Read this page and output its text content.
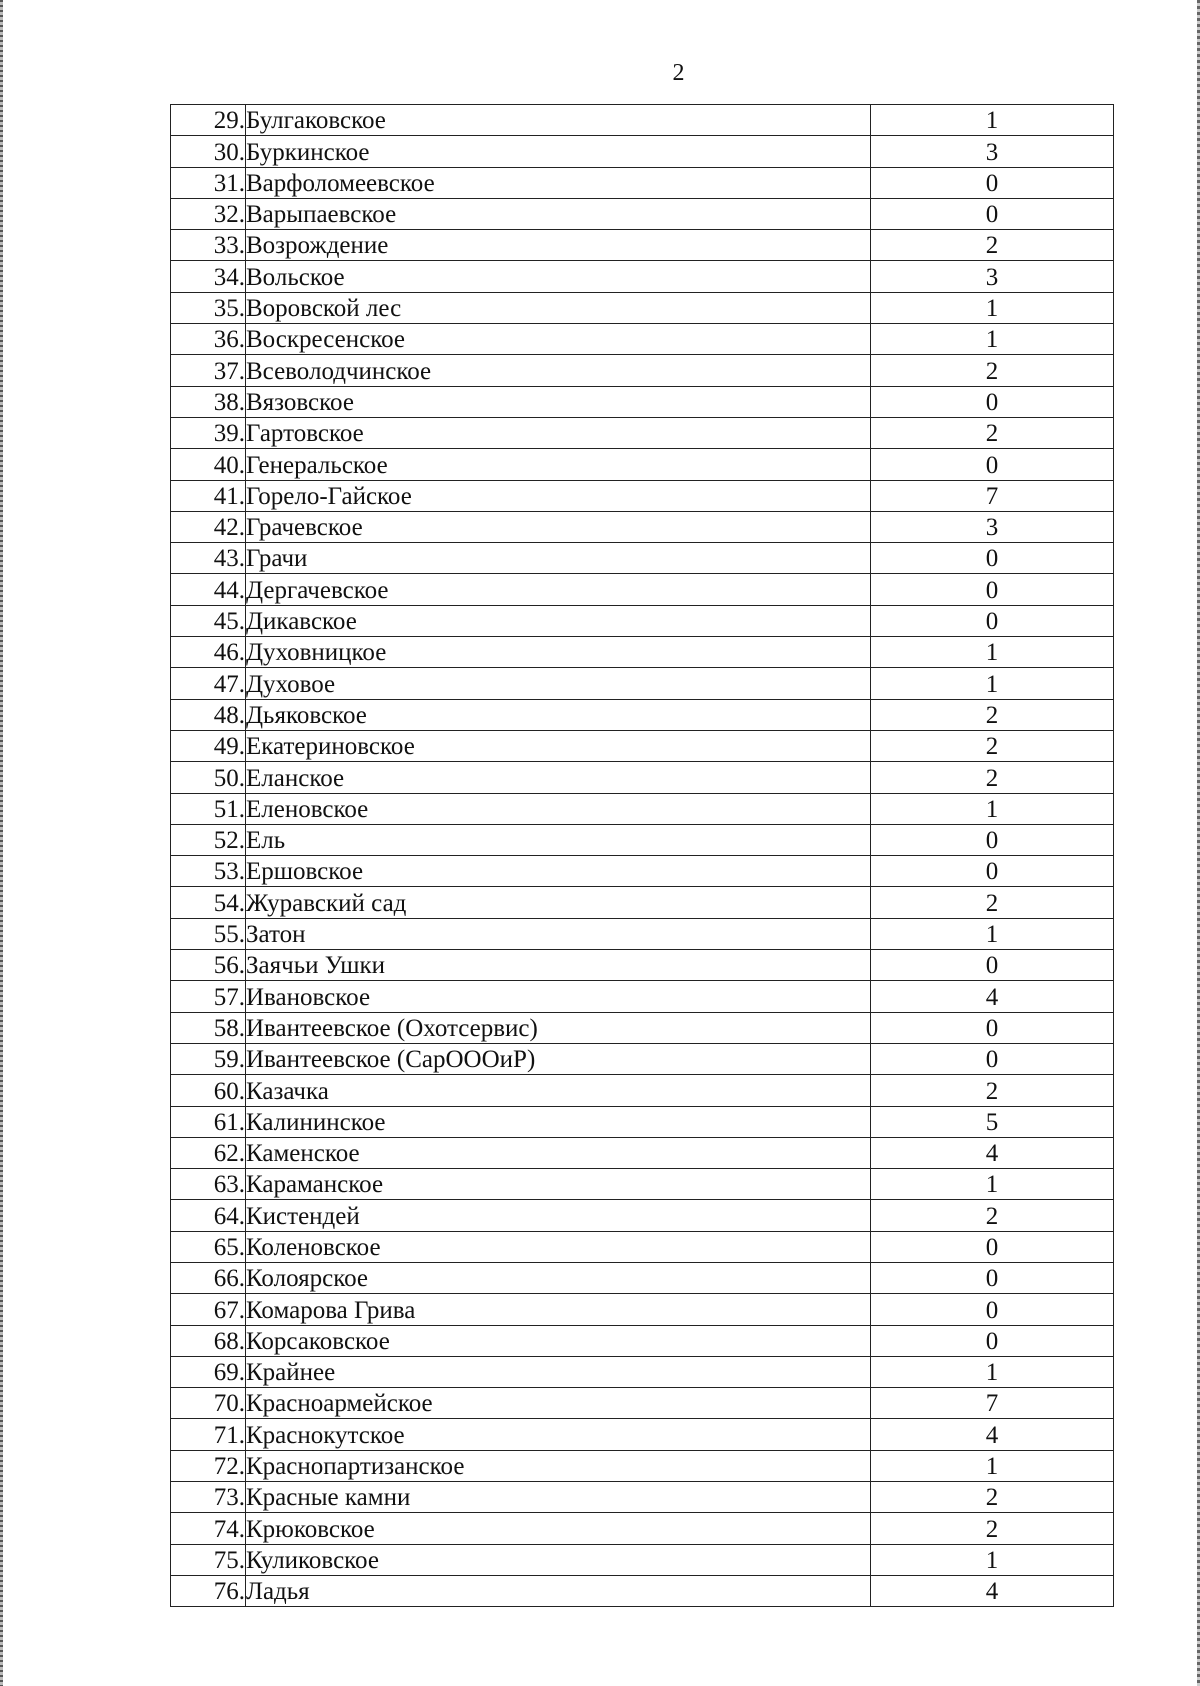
2
29.	Булгаковское	1
30.	Буркинское	3
31.	Варфоломеевское	0
32.	Варыпаевское	0
33.	Возрождение	2
34.	Вольское	3
35.	Воровской лес	1
36.	Воскресенское	1
37.	Всеволодчинское	2
38.	Вязовское	0
39.	Гартовское	2
40.	Генеральское	0
41.	Горело-Гайское	7
42.	Грачевское	3
43.	Грачи	0
44.	Дергачевское	0
45.	Дикавское	0
46.	Духовницкое	1
47.	Духовое	1
48.	Дьяковское	2
49.	Екатериновское	2
50.	Еланское	2
51.	Еленовское	1
52.	Ель	0
53.	Ершовское	0
54.	Журавский сад	2
55.	Затон	1
56.	Заячьи Ушки	0
57.	Ивановское	4
58.	Ивантеевское (Охотсервис)	0
59.	Ивантеевское (СарОООиР)	0
60.	Казачка	2
61.	Калининское	5
62.	Каменское	4
63.	Караманское	1
64.	Кистендей	2
65.	Коленовское	0
66.	Колоярское	0
67.	Комарова Грива	0
68.	Корсаковское	0
69.	Крайнее	1
70.	Красноармейское	7
71.	Краснокутское	4
72.	Краснопартизанское	1
73.	Красные камни	2
74.	Крюковское	2
75.	Куликовское	1
76.	Ладья	4
